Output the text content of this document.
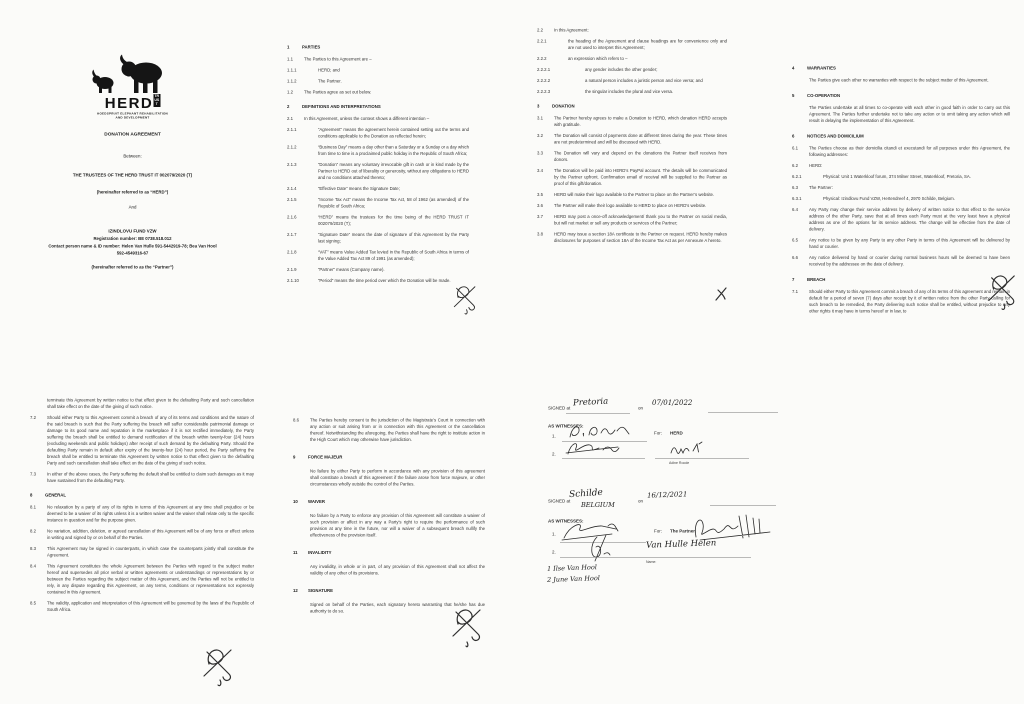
HERDTRUST
HOEDSPRUIT ELEPHANT REHABILITATION
AND DEVELOPMENT
DONATION AGREEMENT
Between:
THE TRUSTEES OF THE HERD TRUST IT 002079/2020 (T)
(hereinafter referred to as “HERD”)
And
IZINDLOVU FUND VZW
Registration number: BE 0738.518.012
Contact person name & ID number: Helen Van Hulle 591-5442919-78; Bea Van Hool
592-4549316-67
(hereinafter referred to as the “Partner”)
1	PARTIES
1.1	The Parties to this Agreement are –
1.1.1	HERD; and
1.1.2	The Partner.
1.2	The Parties agree as set out below.
2	DEFINITIONS AND INTERPRETATIONS
2.1	In this Agreement, unless the context shows a different intention –
2.1.1	“Agreement” means the agreement herein contained setting out the terms and conditions applicable to the Donation as reflected herein;
2.1.2	“Business Day” means a day other than a Saturday or a Sunday or a day which from time to time is a proclaimed public holiday in the Republic of South Africa;
2.1.3	“Donation” means any voluntary irrevocable gift in cash or in kind made by the Partner to HERD out of liberality or generosity, without any obligations to HERD and no conditions attached thereto;
2.1.4	“Effective Date” means the Signature Date;
2.1.5	“Income Tax Act” means the Income Tax Act, 58 of 1962 (as amended) of the Republic of South Africa;
2.1.6	“HERD” means the trustees for the time being of the HERD TRUST IT 002079/2020 (T);
2.1.7	“Signature Date” means the date of signature of this Agreement by the Party last signing;
2.1.8	“VAT” means Value Added Tax levied in the Republic of South Africa in terms of the Value Added Tax Act 89 of 1991 (as amended);
2.1.9	“Partner” means (Company name).
2.1.10	“Period” means the time period over which the Donation will be made.
2.2	In this Agreement:
2.2.1	the heading of the Agreement and clause headings are for convenience only and are not used to interpret this Agreement;
2.2.2	an expression which refers to –
2.2.2.1	any gender includes the other gender;
2.2.2.2	a natural person includes a juristic person and vice versa; and
2.2.2.3	the singular includes the plural and vice versa.
3	DONATION
3.1	The Partner hereby agrees to make a Donation to HERD, which donation HERD accepts with gratitude.
3.2	The Donation will consist of payments done at different times during the year. These times are not predetermined and will be discussed with HERD.
3.3	The Donation will vary and depend on the donations the Partner itself receives from donors.
3.4	The Donation will be paid into HERD’s PayPal account. The details will be communicated by the Partner upfront. Confirmation email of receival will be supplied to the Partner as proof of this gift/donation.
3.5	HERD will make their logo available to the Partner to place on the Partner’s website.
3.6	The Partner will make their logo available to HERD to place on HERD’s website.
3.7	HERD may post a once-off acknowledgement/ thank you to the Partner on social media, but will not market or sell any products or services of the Partner;
3.8	HERD may issue a section 18A certificate to the Partner on request. HERD hereby makes disclosures for purposes of section 18A of the Income Tax Act as per Annexure A hereto.
4	WARRANTIES
The Parties give each other no warranties with respect to the subject matter of this Agreement.
5	CO-OPERATION
The Parties undertake at all times to co-operate with each other in good faith in order to carry out this Agreement. The Parties further undertake not to take any action or to omit taking any action which will result in delaying the implementation of this Agreement.
6	NOTICES AND DOMICILIUM
6.1	The Parties choose as their domicilia citandi et executandi for all purposes under this Agreement, the following addresses:
6.2	HERD:
6.2.1	Physical: Unit 1 Waterkloof forum, 374 Milner Street, Waterkloof, Pretoria, SA.
6.3	The Partner:
6.3.1	Physical: Izindlovu Fund VZW, Hertendreef 4, 2970 Schilde, Belgium.
6.4	Any Party may change their service address by delivery of written notice to that effect to the service address of the other Party, save that at all times each Party must at the very least have a physical address as one of the options for its service address. The change will be effective from the date of delivery.
6.5	Any notice to be given by any Party to any other Party in terms of this Agreement will be delivered by hand or courier.
6.6	Any notice delivered by hand or courier during normal business hours will be deemed to have been received by the addressee on the date of delivery.
7	BREACH
7.1	Should either Party to this Agreement commit a breach of any of its terms of this agreement and remain in default for a period of seven (7) days after receipt by it of written notice from the other Party calling for such breach to be remedied, the Party delivering such notice shall be entitled, without prejudice to any other rights it may have in terms hereof or in law, to
terminate this Agreement by written notice to that effect given to the defaulting Party and such cancellation shall take effect on the date of the giving of such notice.
7.2	Should either Party to this Agreement commit a breach of any of its terms and conditions and the nature of the said breach is such that the Party suffering the breach will suffer considerable patrimonial damage or damage to its good name and reputation in the marketplace if it is not rectified immediately, the Party suffering the breach shall be entitled to demand rectification of the breach within twenty-four (24) hours (excluding weekends and public holidays) after receipt of such demand by the defaulting Party. Should the defaulting Party remain in default after expiry of the twenty-four (24) hour period, the Party suffering the breach shall be entitled to terminate this Agreement by written notice to that effect given to the defaulting Party and such cancellation shall take effect on the date of the giving of such notice.
7.3	In either of the above cases, the Party suffering the default shall be entitled to claim such damages as it may have sustained from the defaulting Party.
8	GENERAL
8.1	No relaxation by a party of any of its rights in terms of this Agreement at any time shall prejudice or be deemed to be a waiver of its rights unless it is a written waiver and the waiver shall relate only to the specific instance in question and for the purpose given.
8.2	No variation, addition, deletion, or agreed cancellation of this Agreement will be of any force or effect unless in writing and signed by or on behalf of the Parties.
8.3	This Agreement may be signed in counterparts, in which case the counterparts jointly shall constitute the Agreement.
8.4	This Agreement constitutes the whole Agreement between the Parties with regard to the subject matter hereof and supersedes all prior verbal or written agreements or understandings or representations by or between the Parties regarding the subject matter of this Agreement, and the Parties will not be entitled to rely, in any dispute regarding this Agreement, on any terms, conditions or representations not expressly contained in this Agreement.
8.5	The validity, application and interpretation of this Agreement will be governed by the laws of the Republic of South Africa.
8.6	The Parties hereby consent to the jurisdiction of the Magistrate’s Court in connection with any action or suit arising from or in connection with this Agreement or the cancellation thereof. Notwithstanding the aforegoing, the Parties shall have the right to institute action in the High Court which may otherwise have jurisdiction.
9	FORCE MAJEUR
No failure by either Party to perform in accordance with any provision of this agreement shall constitute a breach of this agreement if the failure arose from force majeure, or other circumstances wholly outside the control of the Parties.
10	WAIVER
No failure by a Party to enforce any provision of this Agreement will constitute a waiver of such provision or affect in any way a Party’s right to require the performance of such provision at any time in the future, nor will a waiver of a subsequent breach nullify the effectiveness of the provision itself.
11	INVALIDITY
Any invalidity, in whole or in part, of any provision of this Agreement shall not affect the validity of any other of its provisions.
12	SIGNATURE
Signed on behalf of the Parties, each signatory hereto warranting that he/she has due authority to do so.
SIGNED at
Pretoria
on
07/01/2022
AS WITNESSES:
1.
For: HERD
2.
Adine Roode
SIGNED at
Schilde
BELGIUM
on
16/12/2021
AS WITNESSES:
1.
For: The Partner
2.
Van Hulle Helen
Name:
1 Ilse Van Hool
2 June Van Hool
